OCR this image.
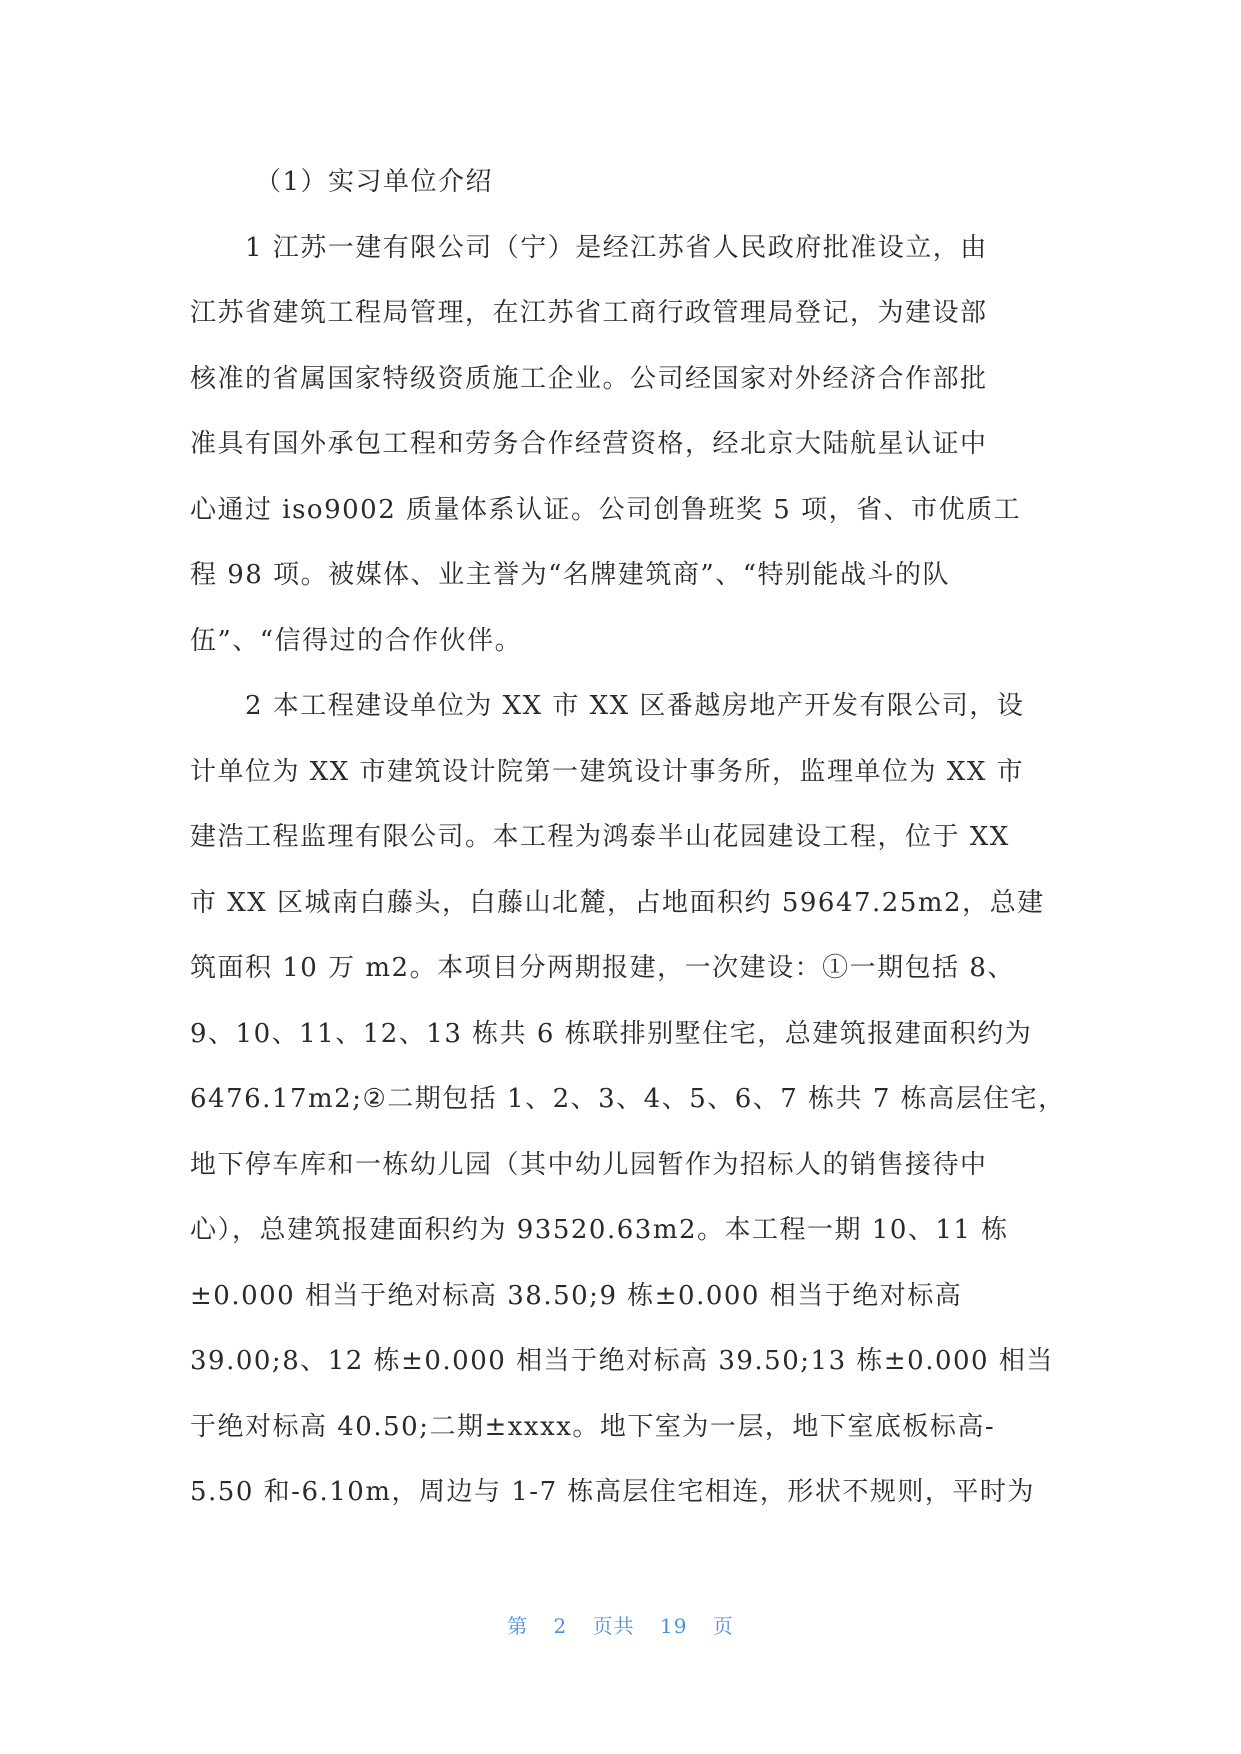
（1）实习单位介绍
1 江苏一建有限公司（宁）是经江苏省人民政府批准设立，由
江苏省建筑工程局管理，在江苏省工商行政管理局登记，为建设部
核准的省属国家特级资质施工企业。公司经国家对外经济合作部批
准具有国外承包工程和劳务合作经营资格，经北京大陆航星认证中
心通过 iso9002 质量体系认证。公司创鲁班奖 5 项，省、市优质工
程 98 项。被媒体、业主誉为“名牌建筑商”、“特别能战斗的队
伍”、“信得过的合作伙伴。
2 本工程建设单位为 XX 市 XX 区番越房地产开发有限公司，设
计单位为 XX 市建筑设计院第一建筑设计事务所，监理单位为 XX 市
建浩工程监理有限公司。本工程为鸿泰半山花园建设工程，位于 XX
市 XX 区城南白藤头，白藤山北麓，占地面积约 59647.25m2，总建
筑面积 10 万 m2。本项目分两期报建，一次建设：①一期包括 8、
9、10、11、12、13 栋共 6 栋联排别墅住宅，总建筑报建面积约为
6476.17m2;②二期包括 1、2、3、4、5、6、7 栋共 7 栋高层住宅，
地下停车库和一栋幼儿园（其中幼儿园暂作为招标人的销售接待中
心），总建筑报建面积约为 93520.63m2。本工程一期 10、11 栋
±0.000 相当于绝对标高 38.50;9 栋±0.000 相当于绝对标高
39.00;8、12 栋±0.000 相当于绝对标高 39.50;13 栋±0.000 相当
于绝对标高 40.50;二期±xxxx。地下室为一层，地下室底板标高-
5.50 和-6.10m，周边与 1-7 栋高层住宅相连，形状不规则，平时为
第 2 页共 19 页
